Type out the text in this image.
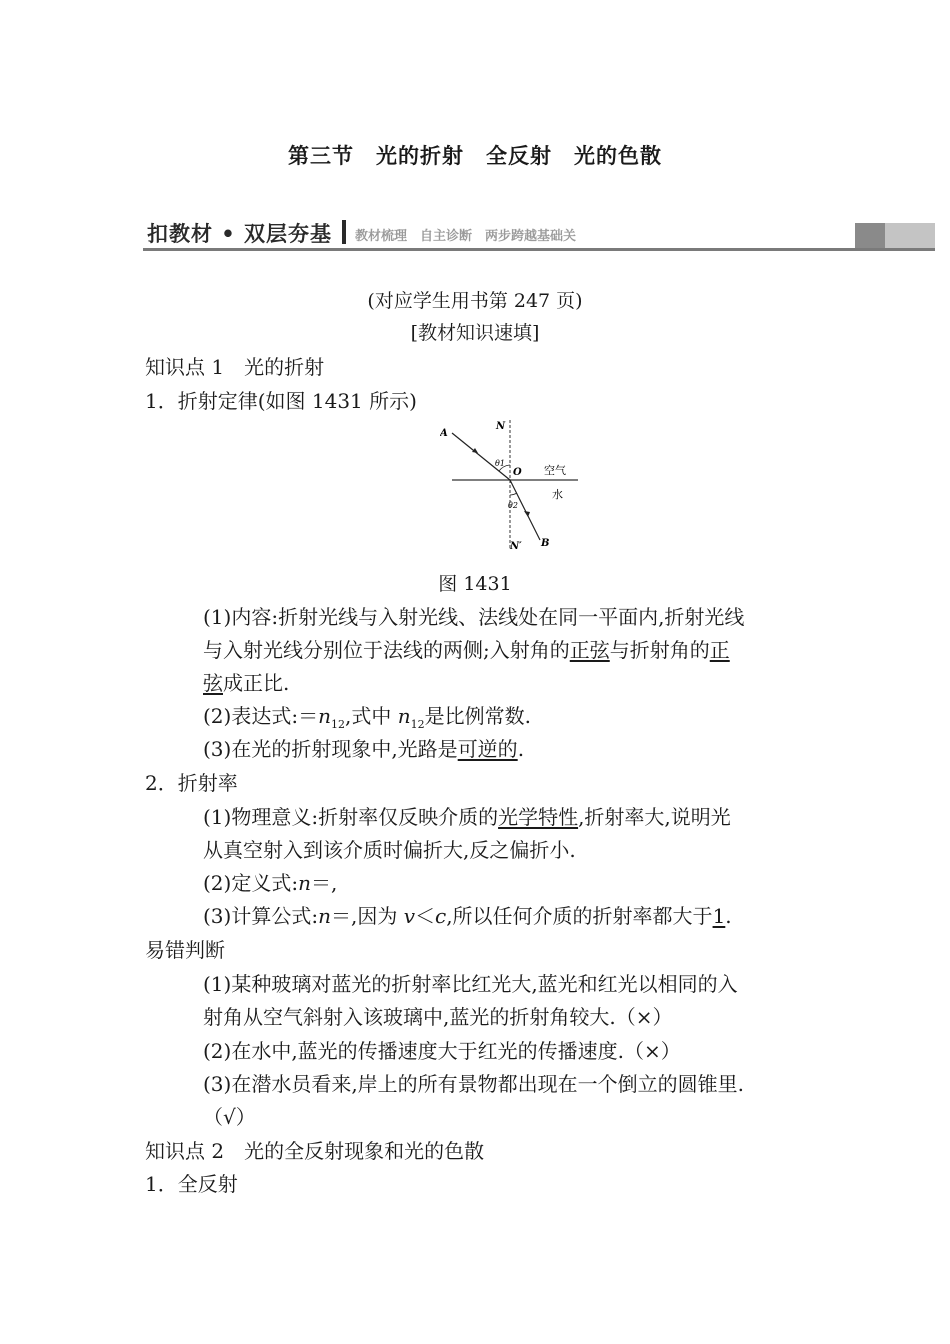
第三节　光的折射　全反射　光的色散
扣教材 • 双层夯基 教材梳理　自主诊断　两步跨越基础关
(对应学生用书第 247 页)
[教材知识速填]
知识点 1　光的折射
1．折射定律(如图 1431 所示)
A
N
O
θ1
空气
水
θ2
N′ B
图 1431
(1)内容:折射光线与入射光线、法线处在同一平面内,折射光线
与入射光线分别位于法线的两侧;入射角的正弦与折射角的正
弦成正比.
(2)表达式$:=n_{12}$,式中 $n_{12}$是比例常数.
(3)在光的折射现象中,光路是可逆的.
2．折射率
(1)物理意义:折射率仅反映介质的光学特性,折射率大,说明光
从真空射入到该介质时偏折大,反之偏折小.
(2)定义式:n＝,
(3)计算公式:n＝,因为 v＜c,所以任何介质的折射率都大于1.
易错判断
(1)某种玻璃对蓝光的折射率比红光大,蓝光和红光以相同的入
射角从空气斜射入该玻璃中,蓝光的折射角较大.（×）
(2)在水中,蓝光的传播速度大于红光的传播速度.（×）
(3)在潜水员看来,岸上的所有景物都出现在一个倒立的圆锥里.
（√）
知识点 2　光的全反射现象和光的色散
1．全反射
